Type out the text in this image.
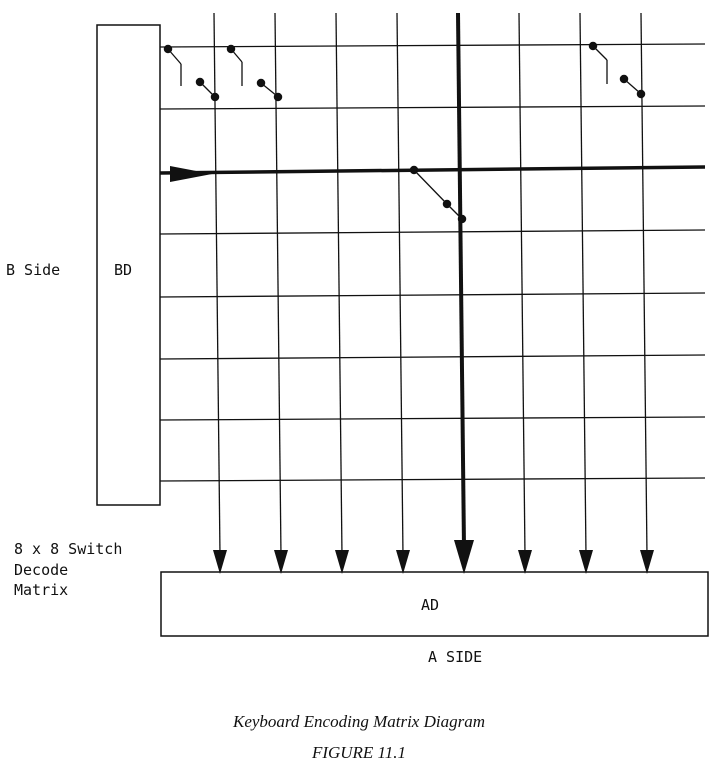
B Side	BD
8 x 8 Switch
Decode
Matrix
AD
A SIDE
Keyboard Encoding Matrix Diagram
FIGURE 11.1
